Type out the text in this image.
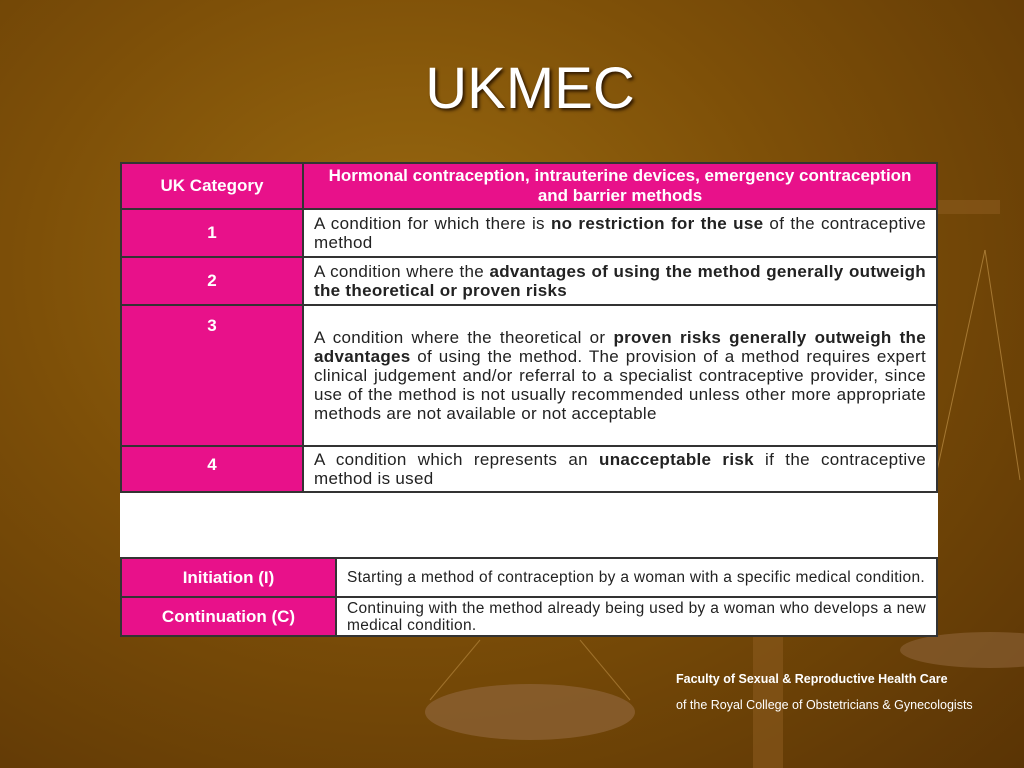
UKMEC
UK Category	Hormonal contraception, intrauterine devices, emergency contraception and barrier methods
1	A condition for which there is no restriction for the use of the contraceptive method
2	A condition where the advantages of using the method generally outweigh the theoretical or proven risks
3	A condition where the theoretical or proven risks generally outweigh the advantages of using the method. The provision of a method requires expert clinical judgement and/or referral to a specialist contraceptive provider, since use of the method is not usually recommended unless other more appropriate methods are not available or not acceptable
4	A condition which represents an unacceptable risk if the contraceptive method is used
Initiation (I)	Starting a method of contraception by a woman with a specific medical condition.
Continuation (C)	Continuing with the method already being used by a woman who develops a new medical condition.
Faculty of Sexual & Reproductive Health Care
of the Royal College of Obstetricians & Gynecologists
